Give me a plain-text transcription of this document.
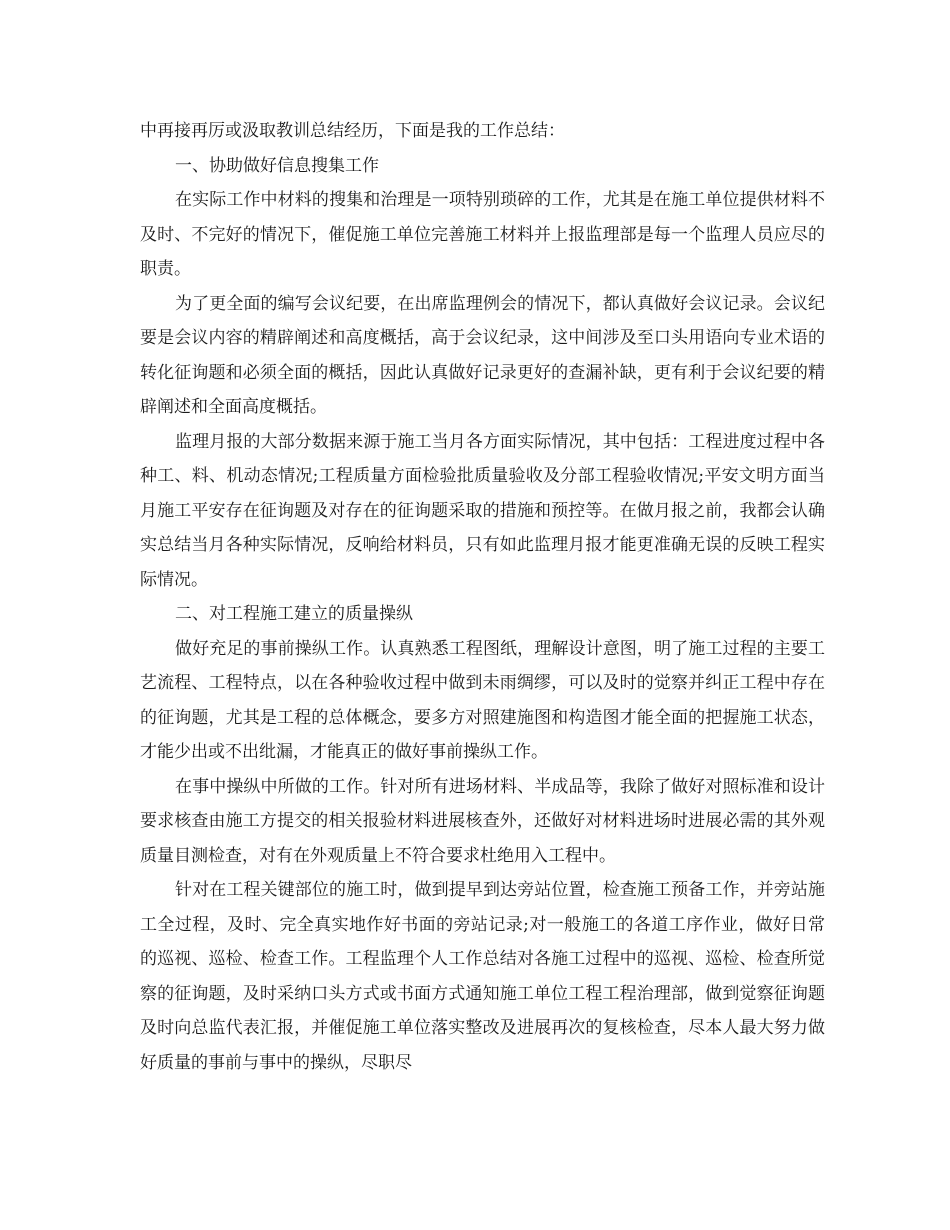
中再接再厉或汲取教训总结经历，下面是我的工作总结：

一、协助做好信息搜集工作

在实际工作中材料的搜集和治理是一项特别琐碎的工作，尤其是在施工单位提供材料不及时、不完好的情况下，催促施工单位完善施工材料并上报监理部是每一个监理人员应尽的职责。

为了更全面的编写会议纪要，在出席监理例会的情况下，都认真做好会议记录。会议纪要是会议内容的精辟阐述和高度概括，高于会议纪录，这中间涉及至口头用语向专业术语的转化征询题和必须全面的概括，因此认真做好记录更好的查漏补缺，更有利于会议纪要的精辟阐述和全面高度概括。

监理月报的大部分数据来源于施工当月各方面实际情况，其中包括：工程进度过程中各种工、料、机动态情况;工程质量方面检验批质量验收及分部工程验收情况;平安文明方面当月施工平安存在征询题及对存在的征询题采取的措施和预控等。在做月报之前，我都会认确实总结当月各种实际情况，反响给材料员，只有如此监理月报才能更准确无误的反映工程实际情况。

二、对工程施工建立的质量操纵

做好充足的事前操纵工作。认真熟悉工程图纸，理解设计意图，明了施工过程的主要工艺流程、工程特点，以在各种验收过程中做到未雨绸缪，可以及时的觉察并纠正工程中存在的征询题，尤其是工程的总体概念，要多方对照建施图和构造图才能全面的把握施工状态，才能少出或不出纰漏，才能真正的做好事前操纵工作。

在事中操纵中所做的工作。针对所有进场材料、半成品等，我除了做好对照标准和设计要求核查由施工方提交的相关报验材料进展核查外，还做好对材料进场时进展必需的其外观质量目测检查，对有在外观质量上不符合要求杜绝用入工程中。

针对在工程关键部位的施工时，做到提早到达旁站位置，检查施工预备工作，并旁站施工全过程，及时、完全真实地作好书面的旁站记录;对一般施工的各道工序作业，做好日常的巡视、巡检、检查工作。工程监理个人工作总结对各施工过程中的巡视、巡检、检查所觉察的征询题，及时采纳口头方式或书面方式通知施工单位工程工程治理部，做到觉察征询题及时向总监代表汇报，并催促施工单位落实整改及进展再次的复核检查，尽本人最大努力做好质量的事前与事中的操纵，尽职尽
